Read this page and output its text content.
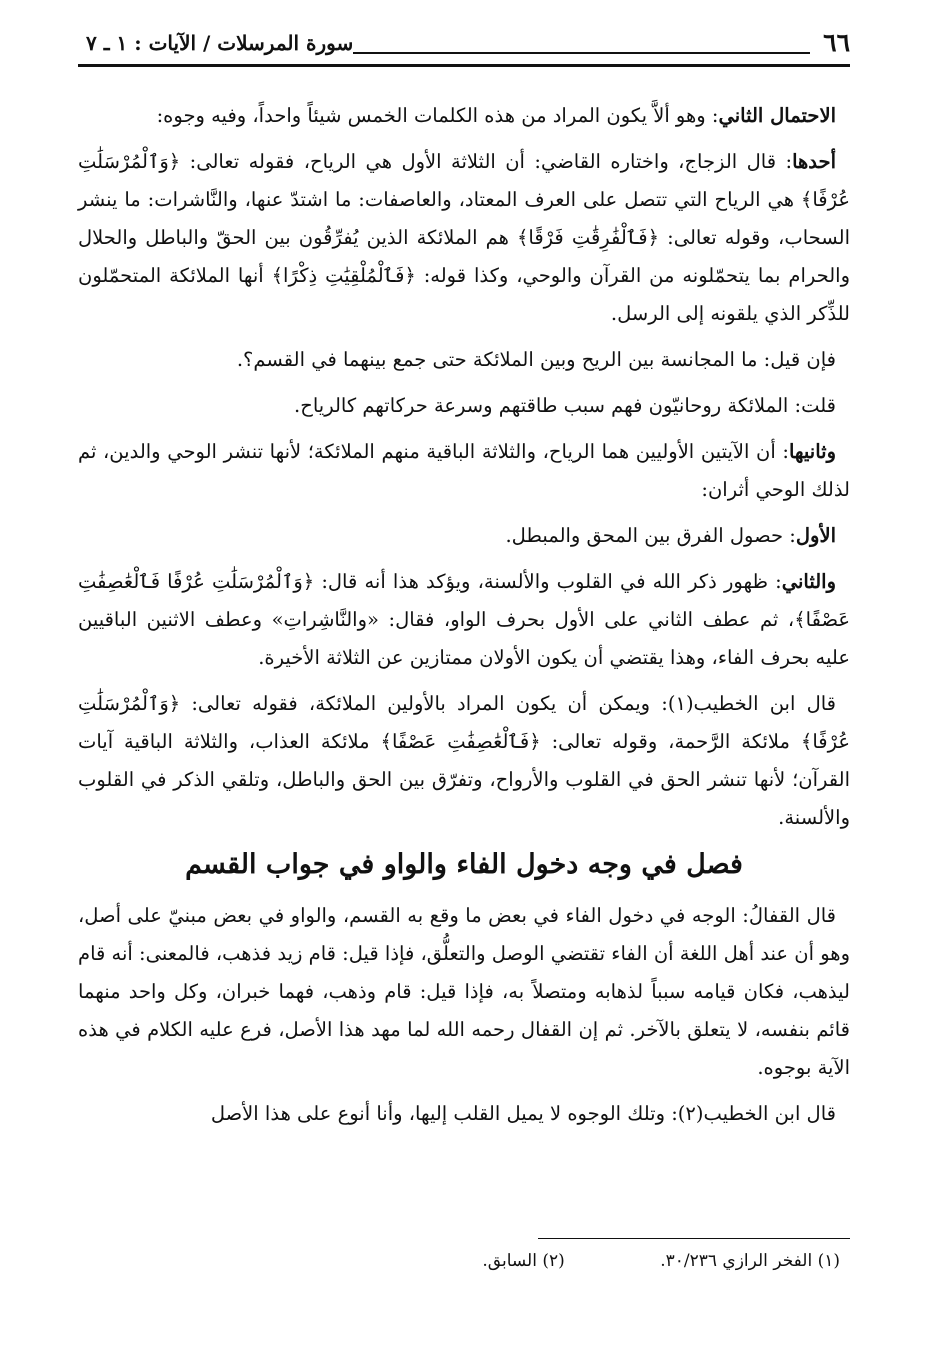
٦٦
سورة المرسلات / الآيات : ١ ـ ٧

الاحتمال الثاني: وهو ألاَّ يكون المراد من هذه الكلمات الخمس شيئاً واحداً، وفيه وجوه:

أحدها: قال الزجاج، واختاره القاضي: أن الثلاثة الأول هي الرياح، فقوله تعالى: ﴿وَٱلْمُرْسَلَٰتِ عُرْفًا﴾ هي الرياح التي تتصل على العرف المعتاد، والعاصفات: ما اشتدّ عنها، والنَّاشرات: ما ينشر السحاب، وقوله تعالى: ﴿فَٱلْفَٰرِقَٰتِ فَرْقًا﴾ هم الملائكة الذين يُفرِّقُون بين الحقّ والباطل والحلال والحرام بما يتحمّلونه من القرآن والوحي، وكذا قوله: ﴿فَٱلْمُلْقِيَٰتِ ذِكْرًا﴾ أنها الملائكة المتحمّلون للذِّكر الذي يلقونه إلى الرسل.

فإن قيل: ما المجانسة بين الريح وبين الملائكة حتى جمع بينهما في القسم؟.

قلت: الملائكة روحانيّون فهم سبب طاقتهم وسرعة حركاتهم كالرياح.

وثانيها: أن الآيتين الأوليين هما الرياح، والثلاثة الباقية منهم الملائكة؛ لأنها تنشر الوحي والدين، ثم لذلك الوحي أثران:

الأول: حصول الفرق بين المحق والمبطل.

والثاني: ظهور ذكر الله في القلوب والألسنة، ويؤكد هذا أنه قال: ﴿وَٱلْمُرْسَلَٰتِ عُرْفًا فَٱلْعَٰصِفَٰتِ عَصْفًا﴾، ثم عطف الثاني على الأول بحرف الواو، فقال: «والنَّاشِراتِ» وعطف الاثنين الباقيين عليه بحرف الفاء، وهذا يقتضي أن يكون الأولان ممتازين عن الثلاثة الأخيرة.

قال ابن الخطيب(١): ويمكن أن يكون المراد بالأولين الملائكة، فقوله تعالى: ﴿وَٱلْمُرْسَلَٰتِ عُرْفًا﴾ ملائكة الرَّحمة، وقوله تعالى: ﴿فَٱلْعَٰصِفَٰتِ عَصْفًا﴾ ملائكة العذاب، والثلاثة الباقية آيات القرآن؛ لأنها تنشر الحق في القلوب والأرواح، وتفرّق بين الحق والباطل، وتلقي الذكر في القلوب والألسنة.

فصل في وجه دخول الفاء والواو في جواب القسم

قال القفالُ: الوجه في دخول الفاء في بعض ما وقع به القسم، والواو في بعض مبنيّ على أصل، وهو أن عند أهل اللغة أن الفاء تقتضي الوصل والتعلُّق، فإذا قيل: قام زيد فذهب، فالمعنى: أنه قام ليذهب، فكان قيامه سبباً لذهابه ومتصلاً به، فإذا قيل: قام وذهب، فهما خبران، وكل واحد منهما قائم بنفسه، لا يتعلق بالآخر. ثم إن القفال رحمه الله لما مهد هذا الأصل، فرع عليه الكلام في هذه الآية بوجوه.

قال ابن الخطيب(٢): وتلك الوجوه لا يميل القلب إليها، وأنا أنوع على هذا الأصل

(١) الفخر الرازي ٣٠/٢٣٦. (٢) السابق.
